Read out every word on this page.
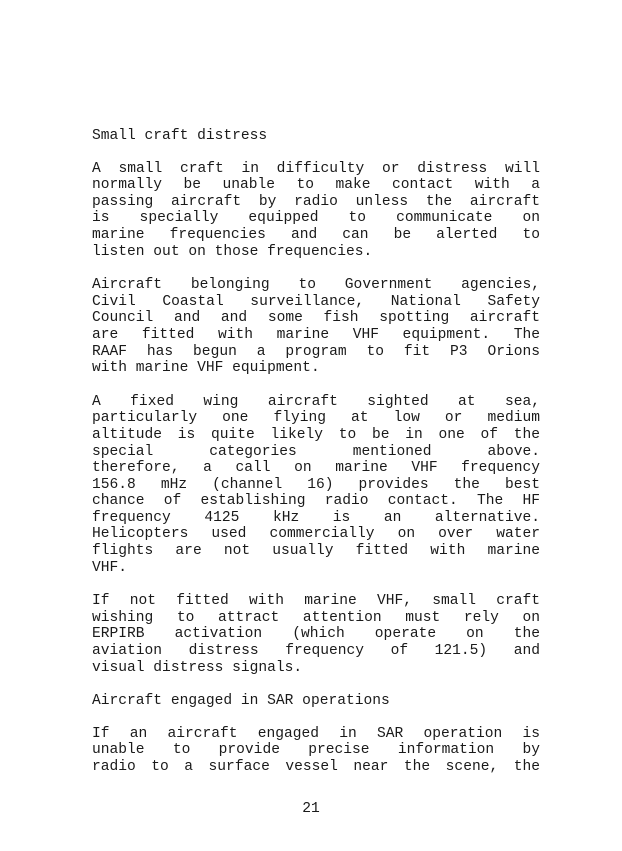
Small craft distress
A small craft in difficulty or distress will
normally be unable to make contact with a
passing aircraft by radio unless the aircraft
is specially equipped to communicate on
marine frequencies and can be alerted to
listen out on those frequencies.
Aircraft belonging to Government agencies,
Civil Coastal surveillance, National Safety
Council and and some fish spotting aircraft
are fitted with marine VHF equipment. The
RAAF has begun a program to fit P3 Orions
with marine VHF equipment.
A fixed wing aircraft sighted at sea,
particularly one flying at low or medium
altitude is quite likely to be in one of the
special categories mentioned above.
therefore, a call on marine VHF frequency
156.8 mHz (channel 16) provides the best
chance of establishing radio contact. The HF
frequency 4125 kHz is an alternative.
Helicopters used commercially on over water
flights are not usually fitted with marine
VHF.
If not fitted with marine VHF, small craft
wishing to attract attention must rely on
ERPIRB activation (which operate on the
aviation distress frequency of 121.5) and
visual distress signals.
Aircraft engaged in SAR operations
If an aircraft engaged in SAR operation is
unable to provide precise information by
radio to a surface vessel near the scene, the
21
